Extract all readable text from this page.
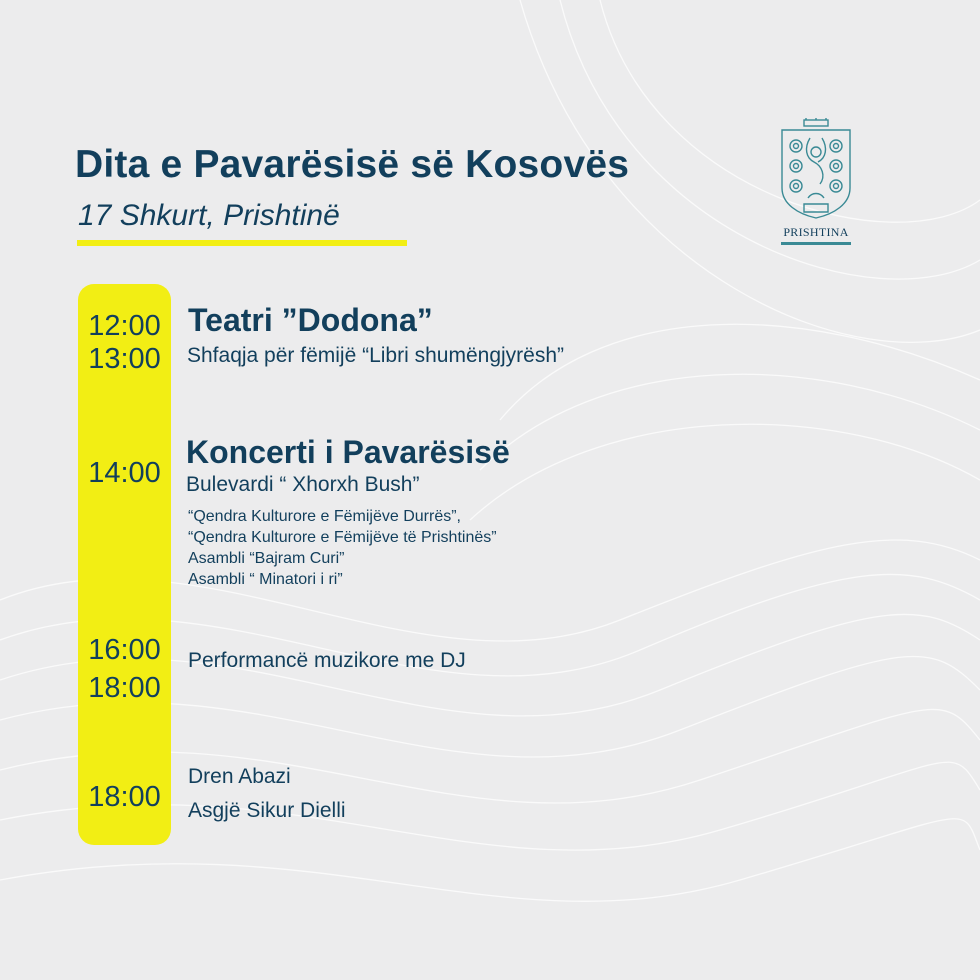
Dita e Pavarësisë së Kosovës
17 Shkurt, Prishtinë	PRISHTINA
12:00
13:00
Teatri ”Dodona”
Shfaqja për fëmijë “Libri shumëngjyrësh”
14:00
Koncerti i Pavarësisë
Bulevardi “ Xhorxh Bush”
“Qendra Kulturore e Fëmijëve Durrës”,
“Qendra Kulturore e Fëmijëve të Prishtinës”
Asambli “Bajram Curi”
Asambli “ Minatori i ri”
16:00
18:00
Performancë muzikore me DJ
18:00
Dren Abazi
Asgjë Sikur Dielli
